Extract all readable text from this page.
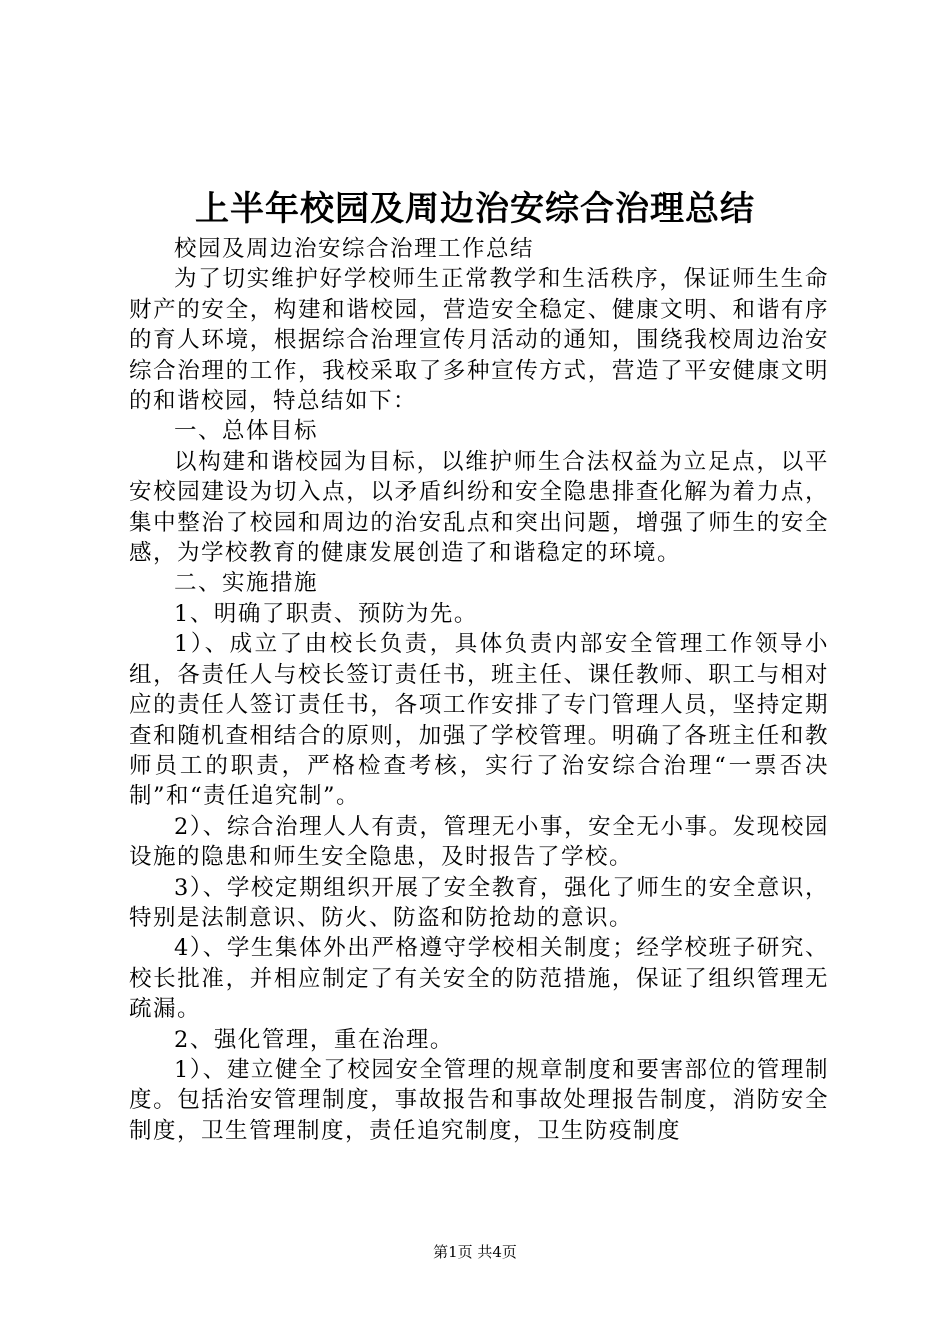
上半年校园及周边治安综合治理总结

校园及周边治安综合治理工作总结

为了切实维护好学校师生正常教学和生活秩序，保证师生生命财产的安全，构建和谐校园，营造安全稳定、健康文明、和谐有序的育人环境，根据综合治理宣传月活动的通知，围绕我校周边治安综合治理的工作，我校采取了多种宣传方式，营造了平安健康文明的和谐校园，特总结如下：

一、总体目标

以构建和谐校园为目标，以维护师生合法权益为立足点，以平安校园建设为切入点，以矛盾纠纷和安全隐患排查化解为着力点，集中整治了校园和周边的治安乱点和突出问题，增强了师生的安全感，为学校教育的健康发展创造了和谐稳定的环境。

二、实施措施

1、明确了职责、预防为先。

1）、成立了由校长负责，具体负责内部安全管理工作领导小组，各责任人与校长签订责任书，班主任、课任教师、职工与相对应的责任人签订责任书，各项工作安排了专门管理人员，坚持定期查和随机查相结合的原则，加强了学校管理。明确了各班主任和教师员工的职责，严格检查考核，实行了治安综合治理“一票否决制”和“责任追究制”。

2）、综合治理人人有责，管理无小事，安全无小事。发现校园设施的隐患和师生安全隐患，及时报告了学校。

3）、学校定期组织开展了安全教育，强化了师生的安全意识，特别是法制意识、防火、防盗和防抢劫的意识。

4）、学生集体外出严格遵守学校相关制度；经学校班子研究、校长批准，并相应制定了有关安全的防范措施，保证了组织管理无疏漏。

2、强化管理，重在治理。

1）、建立健全了校园安全管理的规章制度和要害部位的管理制度。包括治安管理制度，事故报告和事故处理报告制度，消防安全制度，卫生管理制度，责任追究制度，卫生防疫制度

第1页 共4页
